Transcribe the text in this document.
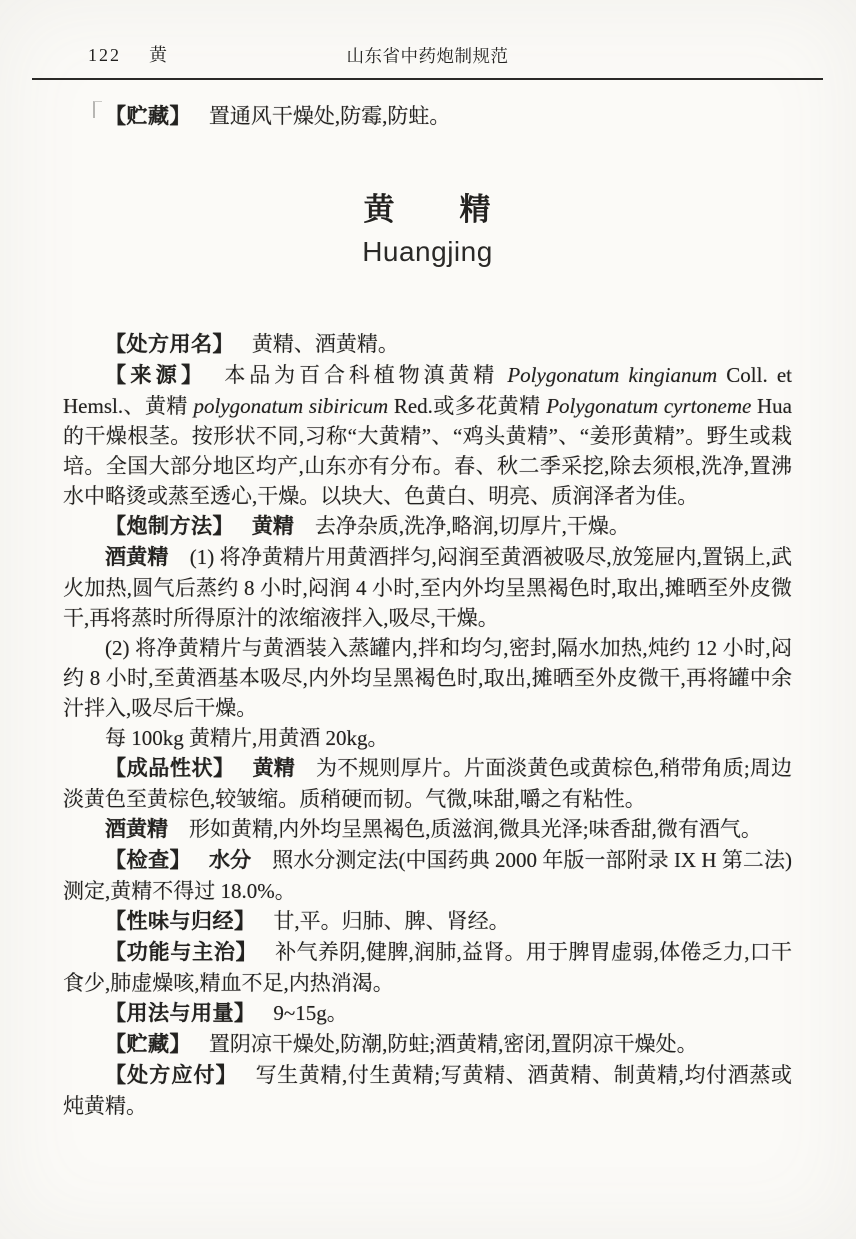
122 黄	山东省中药炮制规范

【贮藏】 置通风干燥处,防霉,防蛀。

黄　　精
Huangjing

【处方用名】 黄精、酒黄精。

【来源】 本品为百合科植物滇黄精 Polygonatum kingianum Coll. et Hemsl.、黄精 polygonatum sibiricum Red.或多花黄精 Polygonatum cyrtoneme Hua 的干燥根茎。按形状不同,习称“大黄精”、“鸡头黄精”、“姜形黄精”。野生或栽培。全国大部分地区均产,山东亦有分布。春、秋二季采挖,除去须根,洗净,置沸水中略烫或蒸至透心,干燥。以块大、色黄白、明亮、质润泽者为佳。

【炮制方法】 黄精　去净杂质,洗净,略润,切厚片,干燥。

酒黄精　(1) 将净黄精片用黄酒拌匀,闷润至黄酒被吸尽,放笼屉内,置锅上,武火加热,圆气后蒸约 8 小时,闷润 4 小时,至内外均呈黑褐色时,取出,摊晒至外皮微干,再将蒸时所得原汁的浓缩液拌入,吸尽,干燥。

(2) 将净黄精片与黄酒装入蒸罐内,拌和均匀,密封,隔水加热,炖约 12 小时,闷约 8 小时,至黄酒基本吸尽,内外均呈黑褐色时,取出,摊晒至外皮微干,再将罐中余汁拌入,吸尽后干燥。

每 100kg 黄精片,用黄酒 20kg。

【成品性状】 黄精　为不规则厚片。片面淡黄色或黄棕色,稍带角质;周边淡黄色至黄棕色,较皱缩。质稍硬而韧。气微,味甜,嚼之有粘性。

酒黄精　形如黄精,内外均呈黑褐色,质滋润,微具光泽;味香甜,微有酒气。

【检查】 水分　照水分测定法(中国药典 2000 年版一部附录 IX H 第二法)测定,黄精不得过 18.0%。

【性味与归经】 甘,平。归肺、脾、肾经。

【功能与主治】 补气养阴,健脾,润肺,益肾。用于脾胃虚弱,体倦乏力,口干食少,肺虚燥咳,精血不足,内热消渴。

【用法与用量】 9~15g。

【贮藏】 置阴凉干燥处,防潮,防蛀;酒黄精,密闭,置阴凉干燥处。

【处方应付】 写生黄精,付生黄精;写黄精、酒黄精、制黄精,均付酒蒸或炖黄精。
